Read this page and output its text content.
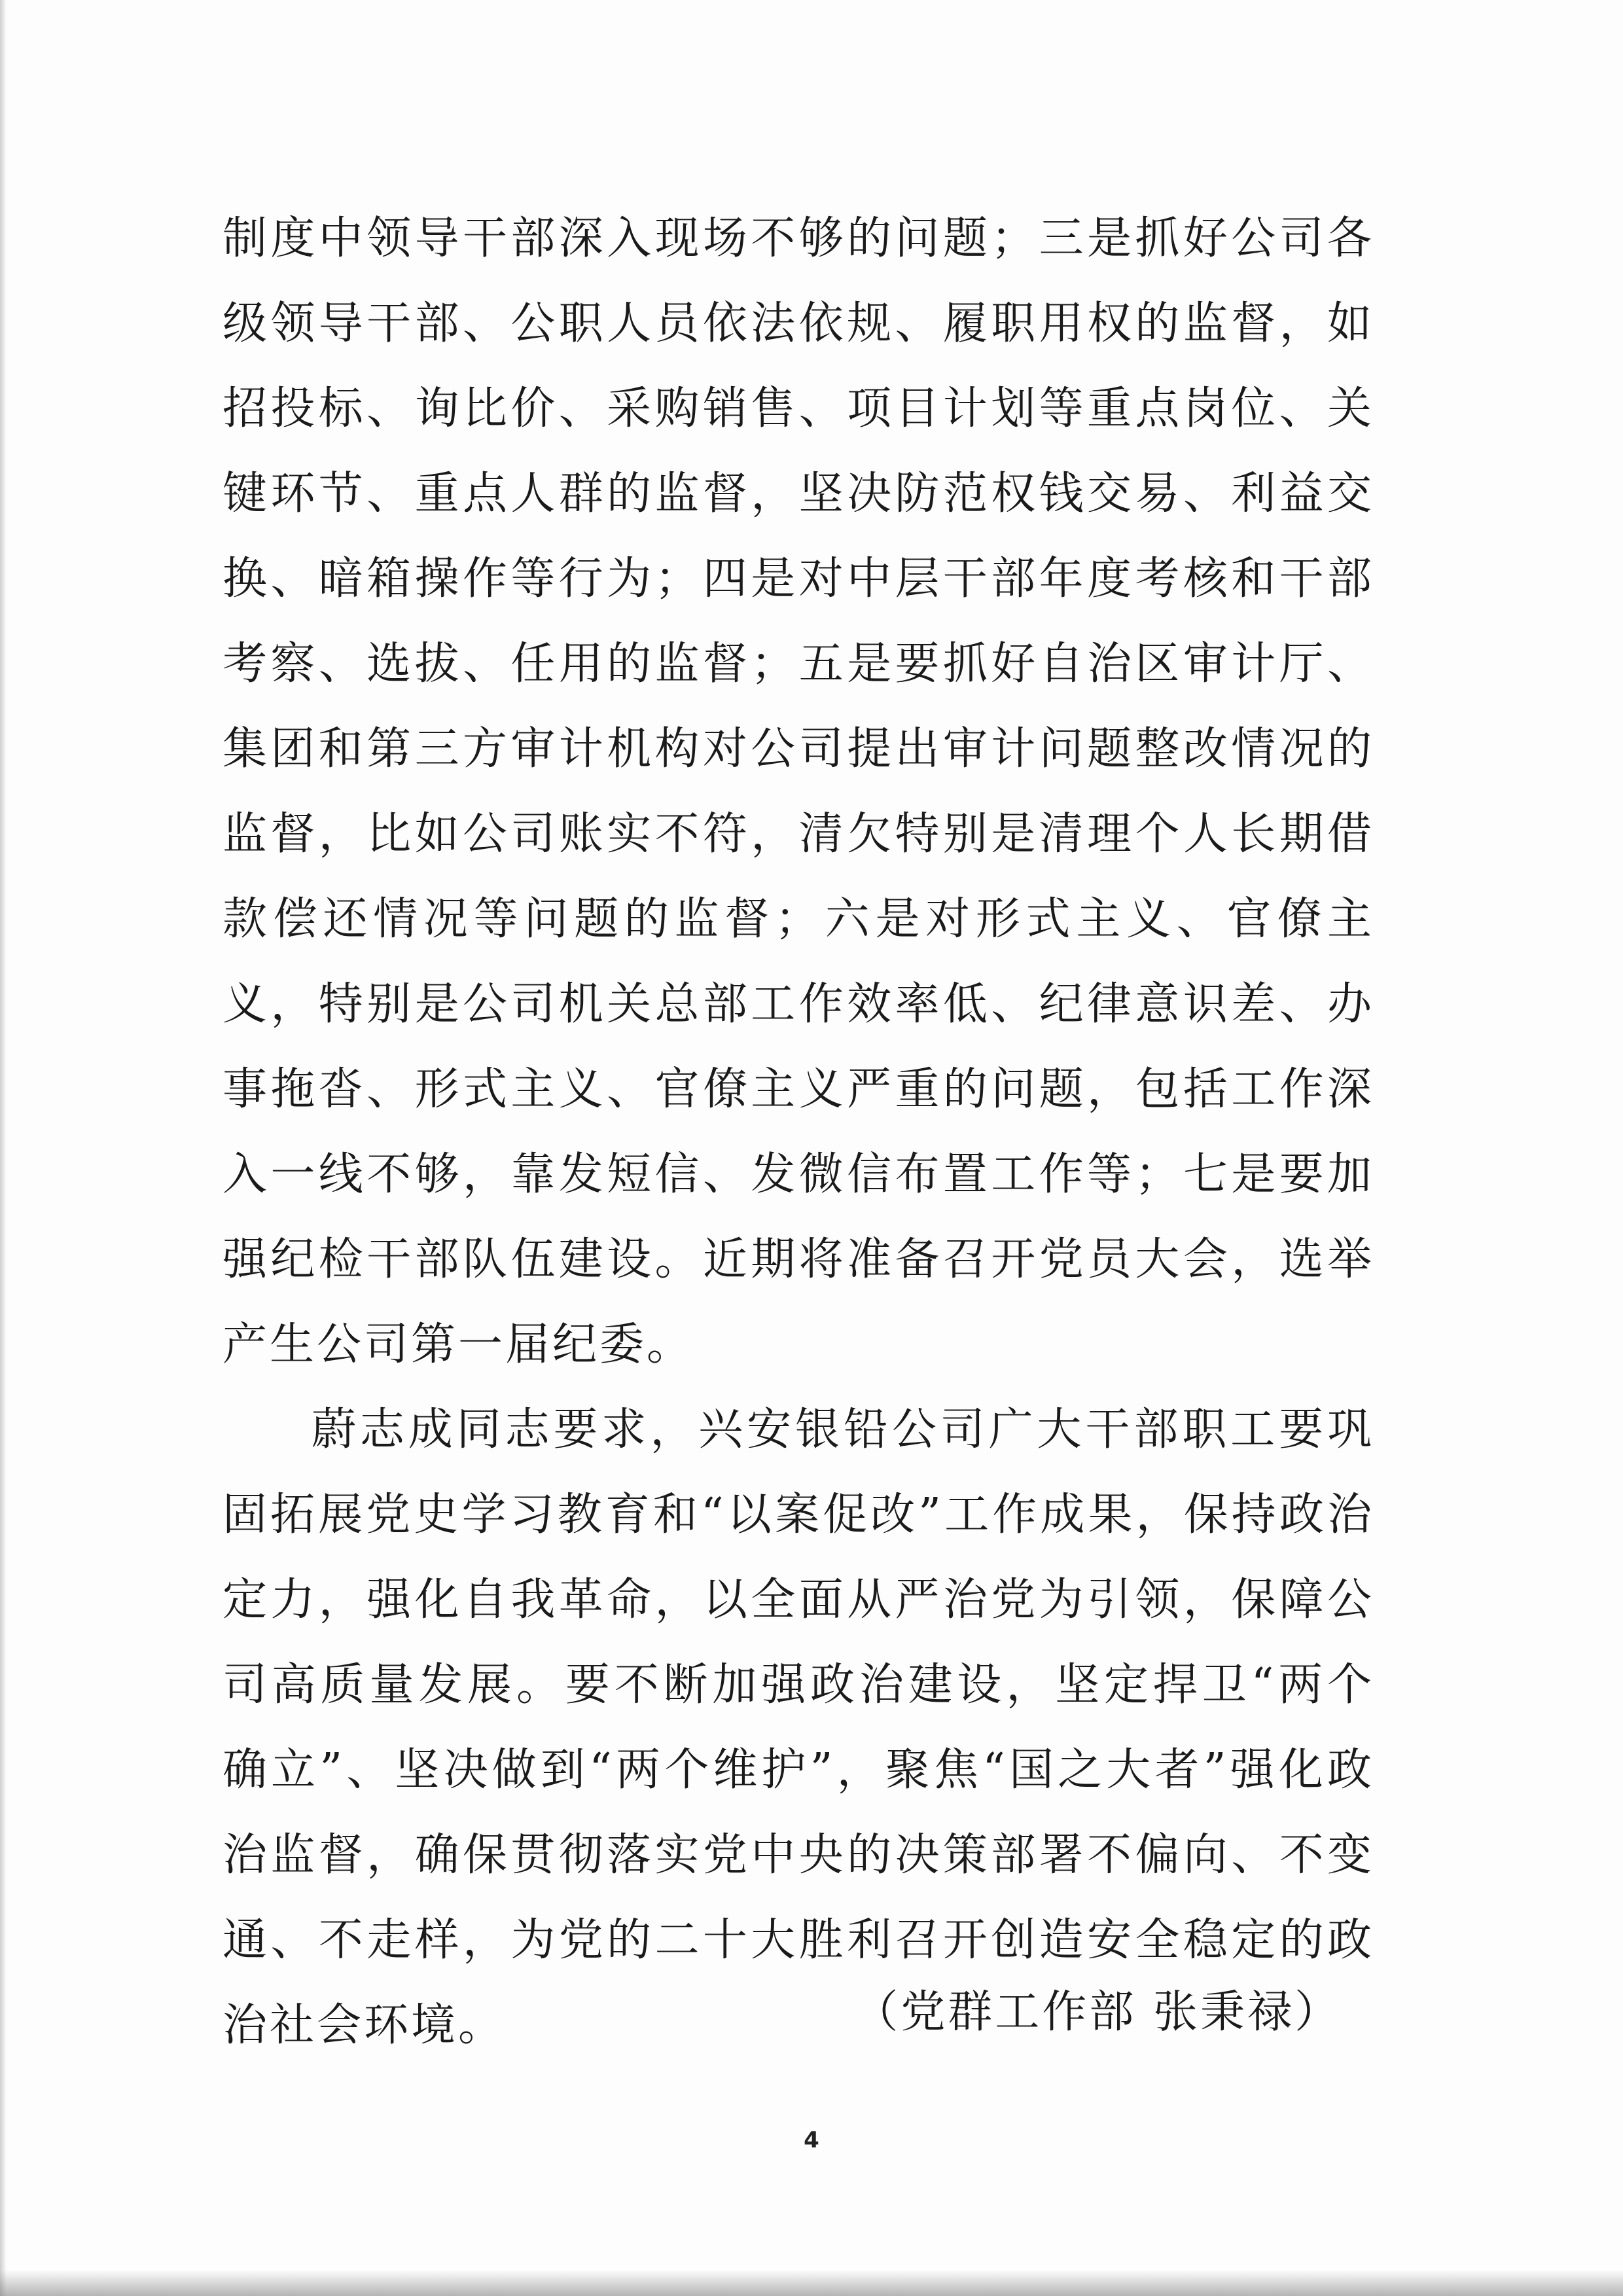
制度中领导干部深入现场不够的问题；三是抓好公司各级领导干部、公职人员依法依规、履职用权的监督，如招投标、询比价、采购销售、项目计划等重点岗位、关键环节、重点人群的监督，坚决防范权钱交易、利益交换、暗箱操作等行为；四是对中层干部年度考核和干部考察、选拔、任用的监督；五是要抓好自治区审计厅、集团和第三方审计机构对公司提出审计问题整改情况的监督，比如公司账实不符，清欠特别是清理个人长期借款偿还情况等问题的监督；六是对形式主义、官僚主义，特别是公司机关总部工作效率低、纪律意识差、办事拖沓、形式主义、官僚主义严重的问题，包括工作深入一线不够，靠发短信、发微信布置工作等；七是要加强纪检干部队伍建设。近期将准备召开党员大会，选举产生公司第一届纪委。

蔚志成同志要求，兴安银铅公司广大干部职工要巩固拓展党史学习教育和“以案促改”工作成果，保持政治定力，强化自我革命，以全面从严治党为引领，保障公司高质量发展。要不断加强政治建设，坚定捍卫“两个确立”、坚决做到“两个维护”，聚焦“国之大者”强化政治监督，确保贯彻落实党中央的决策部署不偏向、不变通、不走样，为党的二十大胜利召开创造安全稳定的政治社会环境。	（党群工作部 张秉禄）
4
